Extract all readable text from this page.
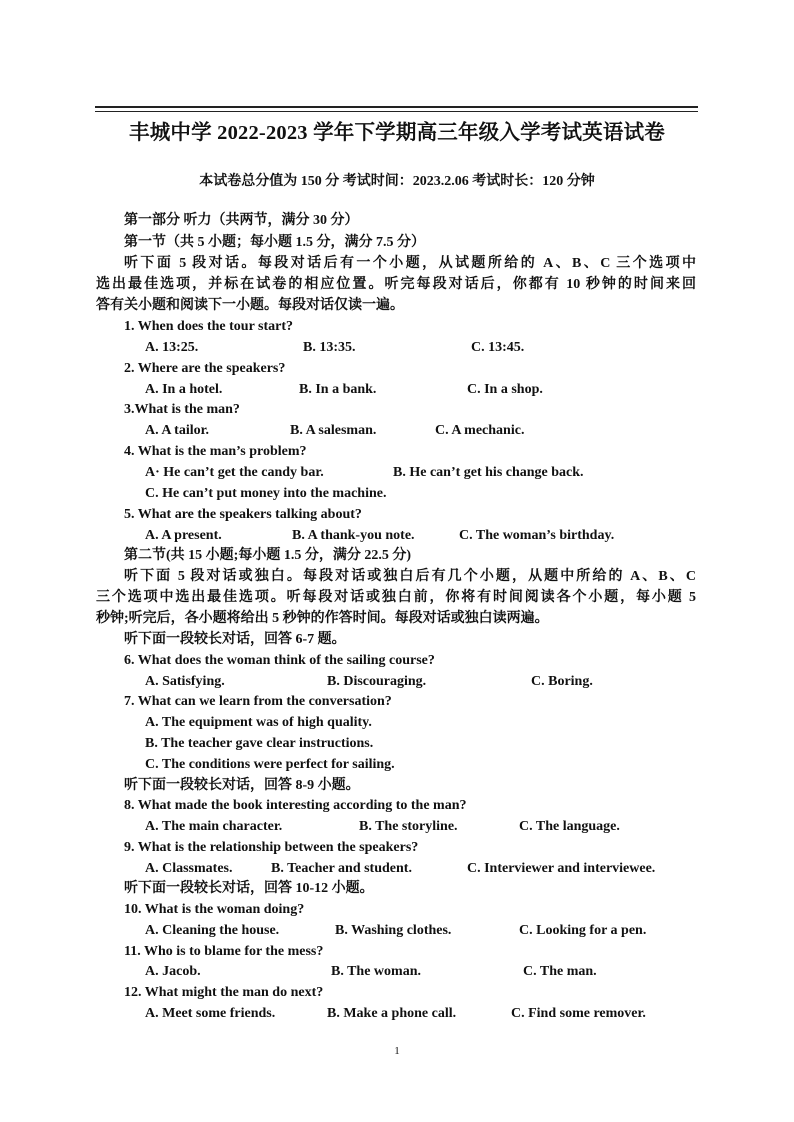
丰城中学 2022-2023 学年下学期高三年级入学考试英语试卷
本试卷总分值为 150 分 考试时间：2023.2.06 考试时长：120 分钟
第一部分 听力（共两节，满分 30 分）
第一节（共 5 小题；每小题 1.5 分，满分 7.5 分）
听下面 5 段对话。每段对话后有一个小题，从试题所给的 A、B、C 三个选项中
选出最佳选项，并标在试卷的相应位置。听完每段对话后，你都有 10 秒钟的时间来回
答有关小题和阅读下一小题。每段对话仅读一遍。
1. When does the tour start?
A. 13:25.	B. 13:35.	C. 13:45.
2. Where are the speakers?
A. In a hotel.	B. In a bank.	C. In a shop.
3.What is the man?
A. A tailor.	B. A salesman.	C. A mechanic.
4. What is the man’s problem?
A· He can’t get the candy bar.	B. He can’t get his change back.
C. He can’t put money into the machine.
5. What are the speakers talking about?
A. A present.	B. A thank-you note.	C. The woman’s birthday.
第二节(共 15 小题;每小题 1.5 分，满分 22.5 分)
听下面 5 段对话或独白。每段对话或独白后有几个小题，从题中所给的 A、B、C
三个选项中选出最佳选项。听每段对话或独白前，你将有时间阅读各个小题，每小题 5
秒钟;听完后，各小题将给出 5 秒钟的作答时间。每段对话或独白读两遍。
听下面一段较长对话，回答 6-7 题。
6. What does the woman think of the sailing course?
A. Satisfying.	B. Discouraging.	C. Boring.
7. What can we learn from the conversation?
A. The equipment was of high quality.
B. The teacher gave clear instructions.
C. The conditions were perfect for sailing.
听下面一段较长对话，回答 8-9 小题。
8. What made the book interesting according to the man?
A. The main character.	B. The storyline.	C. The language.
9. What is the relationship between the speakers?
A. Classmates.	B. Teacher and student.	C. Interviewer and interviewee.
听下面一段较长对话，回答 10-12 小题。
10. What is the woman doing?
A. Cleaning the house.	B. Washing clothes.	C. Looking for a pen.
11. Who is to blame for the mess?
A. Jacob.	B. The woman.	C. The man.
12. What might the man do next?
A. Meet some friends.	B. Make a phone call.	C. Find some remover.
1
